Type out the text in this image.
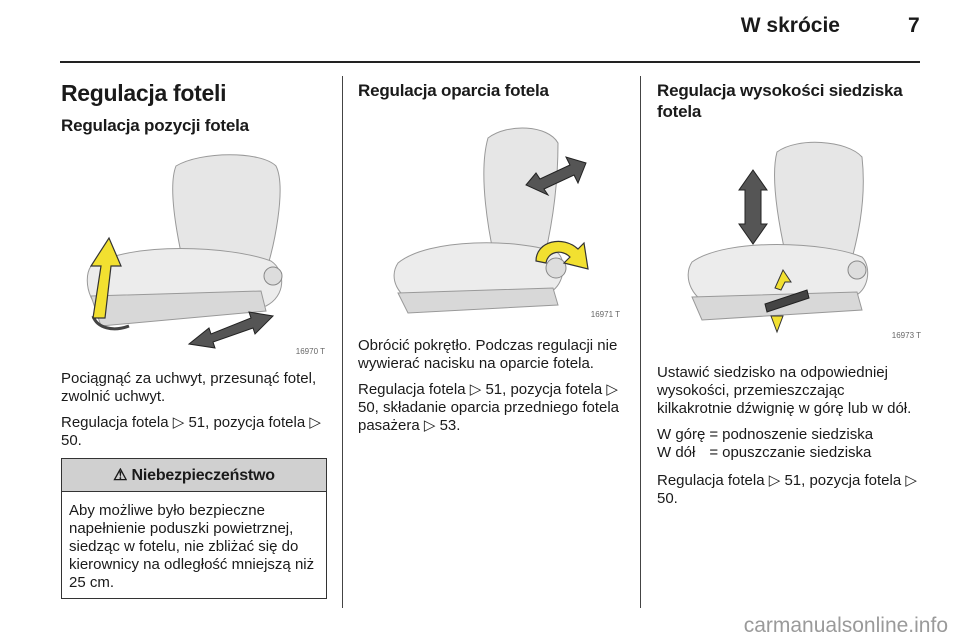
W skrócie	7
Regulacja foteli
Regulacja pozycji fotela
16970 T
Pociągnąć za uchwyt, przesunąć fotel, zwolnić uchwyt.
Regulacja fotela ▷ 51, pozycja fotela ▷ 50.
⚠ Niebezpieczeństwo
Aby możliwe było bezpieczne napełnienie poduszki powietrznej, siedząc w fotelu, nie zbliżać się do kierownicy na odległość mniejszą niż 25 cm.
Regulacja oparcia fotela
16971 T
Obrócić pokrętło. Podczas regulacji nie wywierać nacisku na oparcie fotela.
Regulacja fotela ▷ 51, pozycja fotela ▷ 50, składanie oparcia przedniego fotela pasażera ▷ 53.
Regulacja wysokości siedziska fotela
16973 T
Ustawić siedzisko na odpowiedniej wysokości, przemieszczając kilkakrotnie dźwignię w górę lub w dół.
W górę	=	podnoszenie siedziska
W dół	=	opuszczanie siedziska
Regulacja fotela ▷ 51, pozycja fotela ▷ 50.
carmanualsonline.info
